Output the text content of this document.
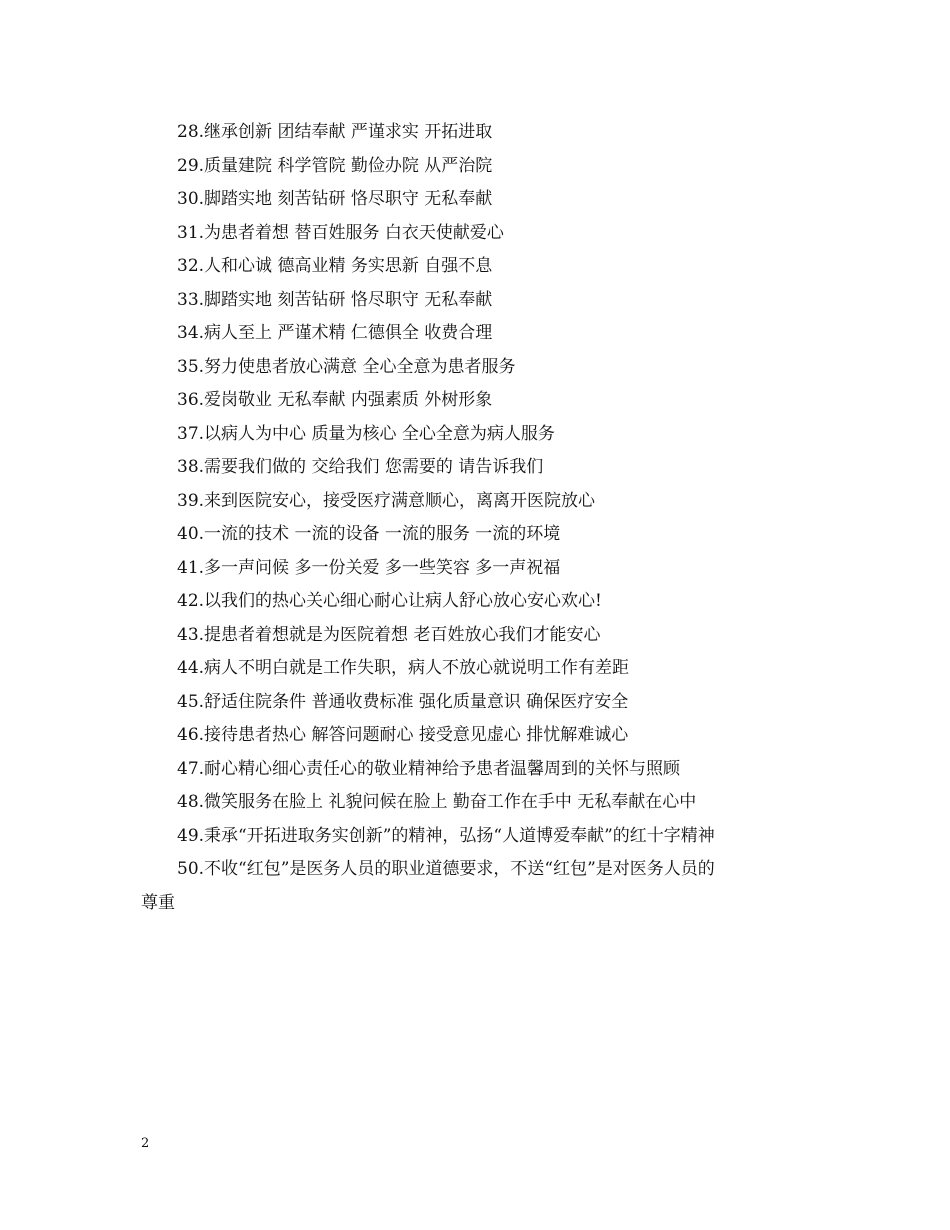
28.继承创新 团结奉献 严谨求实 开拓进取
29.质量建院 科学管院 勤俭办院 从严治院
30.脚踏实地 刻苦钻研 恪尽职守 无私奉献
31.为患者着想 替百姓服务 白衣天使献爱心
32.人和心诚 德高业精 务实思新 自强不息
33.脚踏实地 刻苦钻研 恪尽职守 无私奉献
34.病人至上 严谨术精 仁德俱全 收费合理
35.努力使患者放心满意 全心全意为患者服务
36.爱岗敬业 无私奉献 内强素质 外树形象
37.以病人为中心 质量为核心 全心全意为病人服务
38.需要我们做的 交给我们 您需要的 请告诉我们
39.来到医院安心，接受医疗满意顺心，离离开医院放心
40.一流的技术 一流的设备 一流的服务 一流的环境
41.多一声问候 多一份关爱 多一些笑容 多一声祝福
42.以我们的热心关心细心耐心让病人舒心放心安心欢心!
43.提患者着想就是为医院着想 老百姓放心我们才能安心
44.病人不明白就是工作失职，病人不放心就说明工作有差距
45.舒适住院条件 普通收费标准 强化质量意识 确保医疗安全
46.接待患者热心 解答问题耐心 接受意见虚心 排忧解难诚心
47.耐心精心细心责任心的敬业精神给予患者温馨周到的关怀与照顾
48.微笑服务在脸上 礼貌问候在脸上 勤奋工作在手中 无私奉献在心中
49.秉承“开拓进取务实创新”的精神，弘扬“人道博爱奉献”的红十字精神
50.不收“红包”是医务人员的职业道德要求，不送“红包”是对医务人员的
尊重
2
